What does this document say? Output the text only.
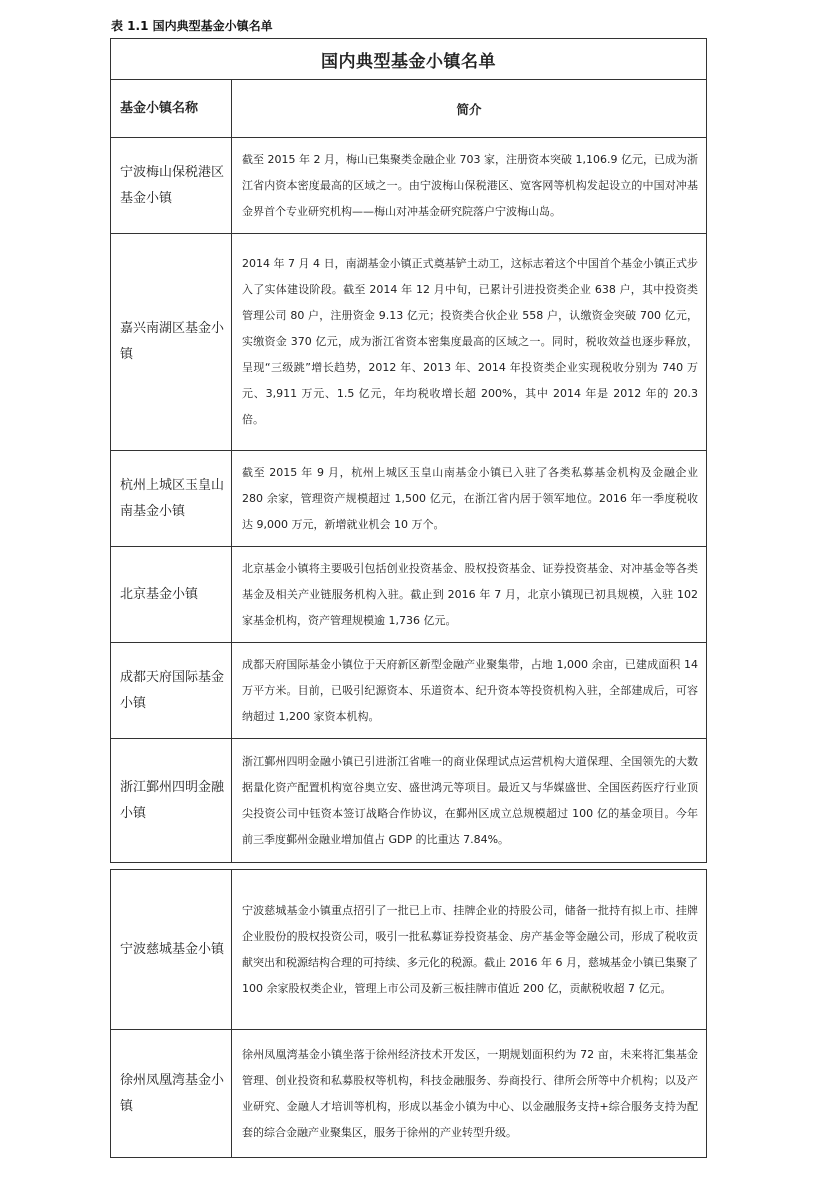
表 1.1 国内典型基金小镇名单
国内典型基金小镇名单	
基金小镇名称	简介
宁波梅山保税港区基金小镇	截至 2015 年 2 月，梅山已集聚类金融企业 703 家，注册资本突破 1,106.9 亿元，已成为浙江省内资本密度最高的区域之一。由宁波梅山保税港区、宽客网等机构发起设立的中国对冲基金界首个专业研究机构——梅山对冲基金研究院落户宁波梅山岛。
嘉兴南湖区基金小镇	2014 年 7 月 4 日，南湖基金小镇正式奠基铲土动工，这标志着这个中国首个基金小镇正式步入了实体建设阶段。截至 2014 年 12 月中旬，已累计引进投资类企业 638 户，其中投资类管理公司 80 户，注册资金 9.13 亿元；投资类合伙企业 558 户，认缴资金突破 700 亿元，实缴资金 370 亿元，成为浙江省资本密集度最高的区域之一。同时，税收效益也逐步释放，呈现“三级跳”增长趋势，2012 年、2013 年、2014 年投资类企业实现税收分别为 740 万元、3,911 万元、1.5 亿元，年均税收增长超 200%，其中 2014 年是 2012 年的 20.3 倍。
杭州上城区玉皇山南基金小镇	截至 2015 年 9 月，杭州上城区玉皇山南基金小镇已入驻了各类私募基金机构及金融企业 280 余家，管理资产规模超过 1,500 亿元，在浙江省内居于领军地位。2016 年一季度税收达 9,000 万元，新增就业机会 10 万个。
北京基金小镇	北京基金小镇将主要吸引包括创业投资基金、股权投资基金、证券投资基金、对冲基金等各类基金及相关产业链服务机构入驻。截止到 2016 年 7 月，北京小镇现已初具规模，入驻 102 家基金机构，资产管理规模逾 1,736 亿元。
成都天府国际基金小镇	成都天府国际基金小镇位于天府新区新型金融产业聚集带，占地 1,000 余亩，已建成面积 14 万平方米。目前，已吸引纪源资本、乐道资本、纪升资本等投资机构入驻，全部建成后，可容纳超过 1,200 家资本机构。
浙江鄞州四明金融小镇	浙江鄞州四明金融小镇已引进浙江省唯一的商业保理试点运营机构大道保理、全国领先的大数据量化资产配置机构宽谷奥立安、盛世鸿元等项目。最近又与华媒盛世、全国医药医疗行业顶尖投资公司中钰资本签订战略合作协议，在鄞州区成立总规模超过 100 亿的基金项目。今年前三季度鄞州金融业增加值占 GDP 的比重达 7.84%。
宁波慈城基金小镇	宁波慈城基金小镇重点招引了一批已上市、挂牌企业的持股公司，储备一批持有拟上市、挂牌企业股份的股权投资公司，吸引一批私募证券投资基金、房产基金等金融公司，形成了税收贡献突出和税源结构合理的可持续、多元化的税源。截止 2016 年 6 月，慈城基金小镇已集聚了 100 余家股权类企业，管理上市公司及新三板挂牌市值近 200 亿，贡献税收超 7 亿元。
徐州凤凰湾基金小镇	徐州凤凰湾基金小镇坐落于徐州经济技术开发区，一期规划面积约为 72 亩，未来将汇集基金管理、创业投资和私募股权等机构，科技金融服务、券商投行、律所会所等中介机构；以及产业研究、金融人才培训等机构，形成以基金小镇为中心、以金融服务支持+综合服务支持为配套的综合金融产业聚集区，服务于徐州的产业转型升级。
